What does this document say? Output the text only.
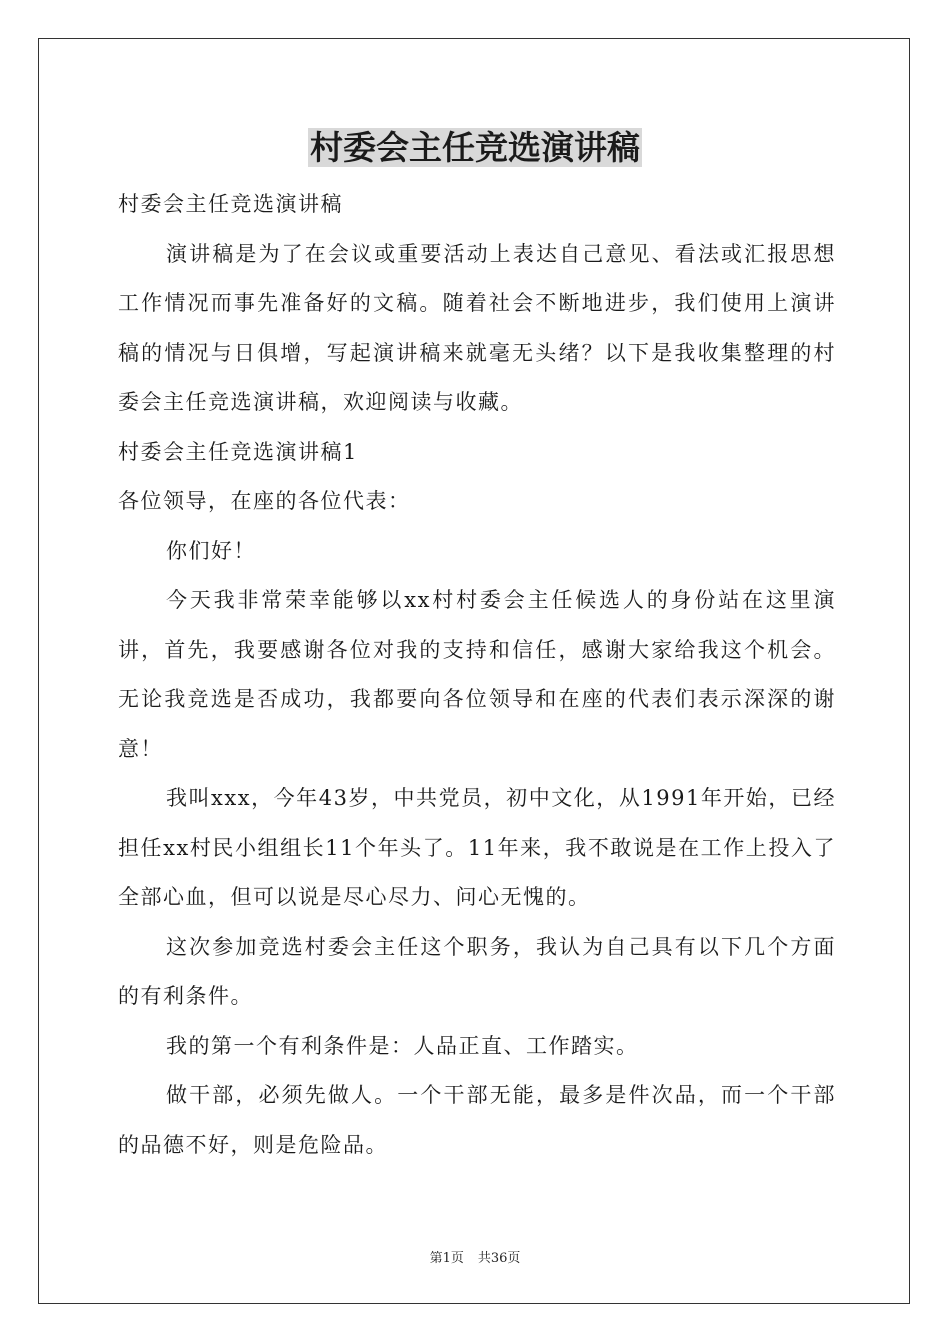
村委会主任竞选演讲稿

村委会主任竞选演讲稿

演讲稿是为了在会议或重要活动上表达自己意见、看法或汇报思想工作情况而事先准备好的文稿。随着社会不断地进步，我们使用上演讲稿的情况与日俱增，写起演讲稿来就毫无头绪？以下是我收集整理的村委会主任竞选演讲稿，欢迎阅读与收藏。

村委会主任竞选演讲稿1

各位领导，在座的各位代表：

你们好！

今天我非常荣幸能够以xx村村委会主任候选人的身份站在这里演讲，首先，我要感谢各位对我的支持和信任，感谢大家给我这个机会。无论我竞选是否成功，我都要向各位领导和在座的代表们表示深深的谢意！

我叫xxx，今年43岁，中共党员，初中文化，从1991年开始，已经担任xx村民小组组长11个年头了。11年来，我不敢说是在工作上投入了全部心血，但可以说是尽心尽力、问心无愧的。

这次参加竞选村委会主任这个职务，我认为自己具有以下几个方面的有利条件。

我的第一个有利条件是：人品正直、工作踏实。

做干部，必须先做人。一个干部无能，最多是件次品，而一个干部的品德不好，则是危险品。

第1页 共36页
